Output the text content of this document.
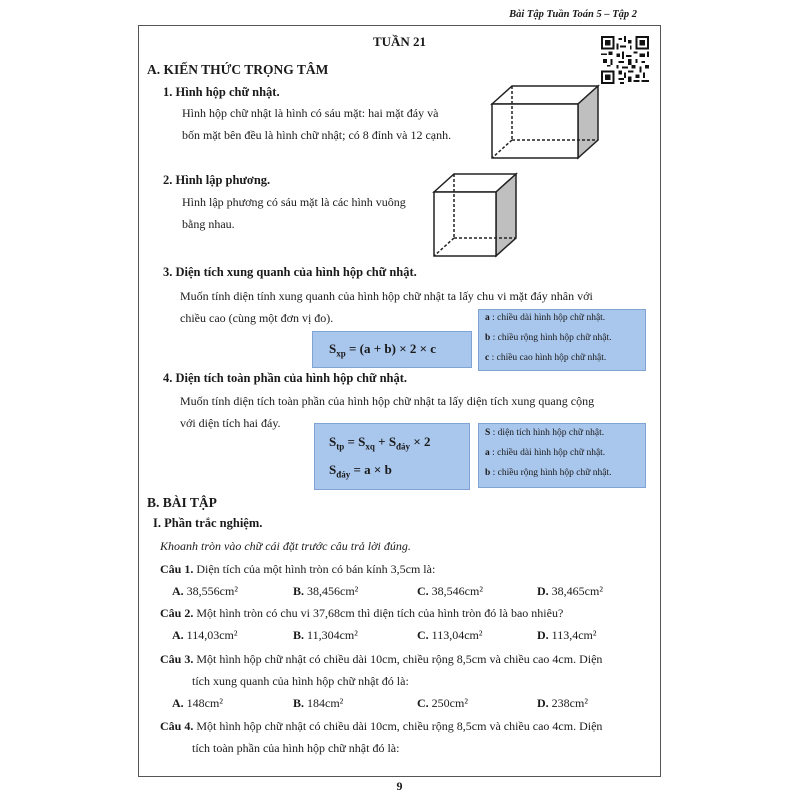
Bài Tập Tuần Toán 5 – Tập 2
TUẦN 21
A. KIẾN THỨC TRỌNG TÂM
1. Hình hộp chữ nhật.
Hình hộp chữ nhật là hình có sáu mặt: hai mặt đáy và
bốn mặt bên đều là hình chữ nhật; có 8 đỉnh và 12 cạnh.
2. Hình lập phương.
Hình lập phương có sáu mặt là các hình vuông
bằng nhau.
3. Diện tích xung quanh của hình hộp chữ nhật.
Muốn tính diện tính xung quanh của hình hộp chữ nhật ta lấy chu vi mặt đáy nhân với
chiều cao (cùng một đơn vị đo).
$S_{xp} = (a + b) \times 2 \times c$
a : chiều dài hình hộp chữ nhật.
b : chiều rộng hình hộp chữ nhật.
c : chiều cao hình hộp chữ nhật.
4. Diện tích toàn phần của hình hộp chữ nhật.
Muốn tính diện tích toàn phần của hình hộp chữ nhật ta lấy diện tích xung quang cộng
với diện tích hai đáy.
$S_{tp} = S_{xq} + S_{đáy} \times 2$
$S_{đáy} = a \times b$
S : diện tích hình hộp chữ nhật.
a : chiều dài hình hộp chữ nhật.
b : chiều rộng hình hộp chữ nhật.
B. BÀI TẬP
I. Phần trắc nghiệm.
Khoanh tròn vào chữ cái đặt trước câu trả lời đúng.
Câu 1. Diện tích của một hình tròn có bán kính 3,5cm là:
A. 38,556cm²	B. 38,456cm²	C. 38,546cm²	D. 38,465cm²
Câu 2. Một hình tròn có chu vi 37,68cm thì diện tích của hình tròn đó là bao nhiêu?
A. 114,03cm²	B. 11,304cm²	C. 113,04cm²	D. 113,4cm²
Câu 3. Một hình hộp chữ nhật có chiều dài 10cm, chiều rộng 8,5cm và chiều cao 4cm. Diện
tích xung quanh của hình hộp chữ nhật đó là:
A. 148cm²	B. 184cm²	C. 250cm²	D. 238cm²
Câu 4. Một hình hộp chữ nhật có chiều dài 10cm, chiều rộng 8,5cm và chiều cao 4cm. Diện
tích toàn phần của hình hộp chữ nhật đó là:
9
